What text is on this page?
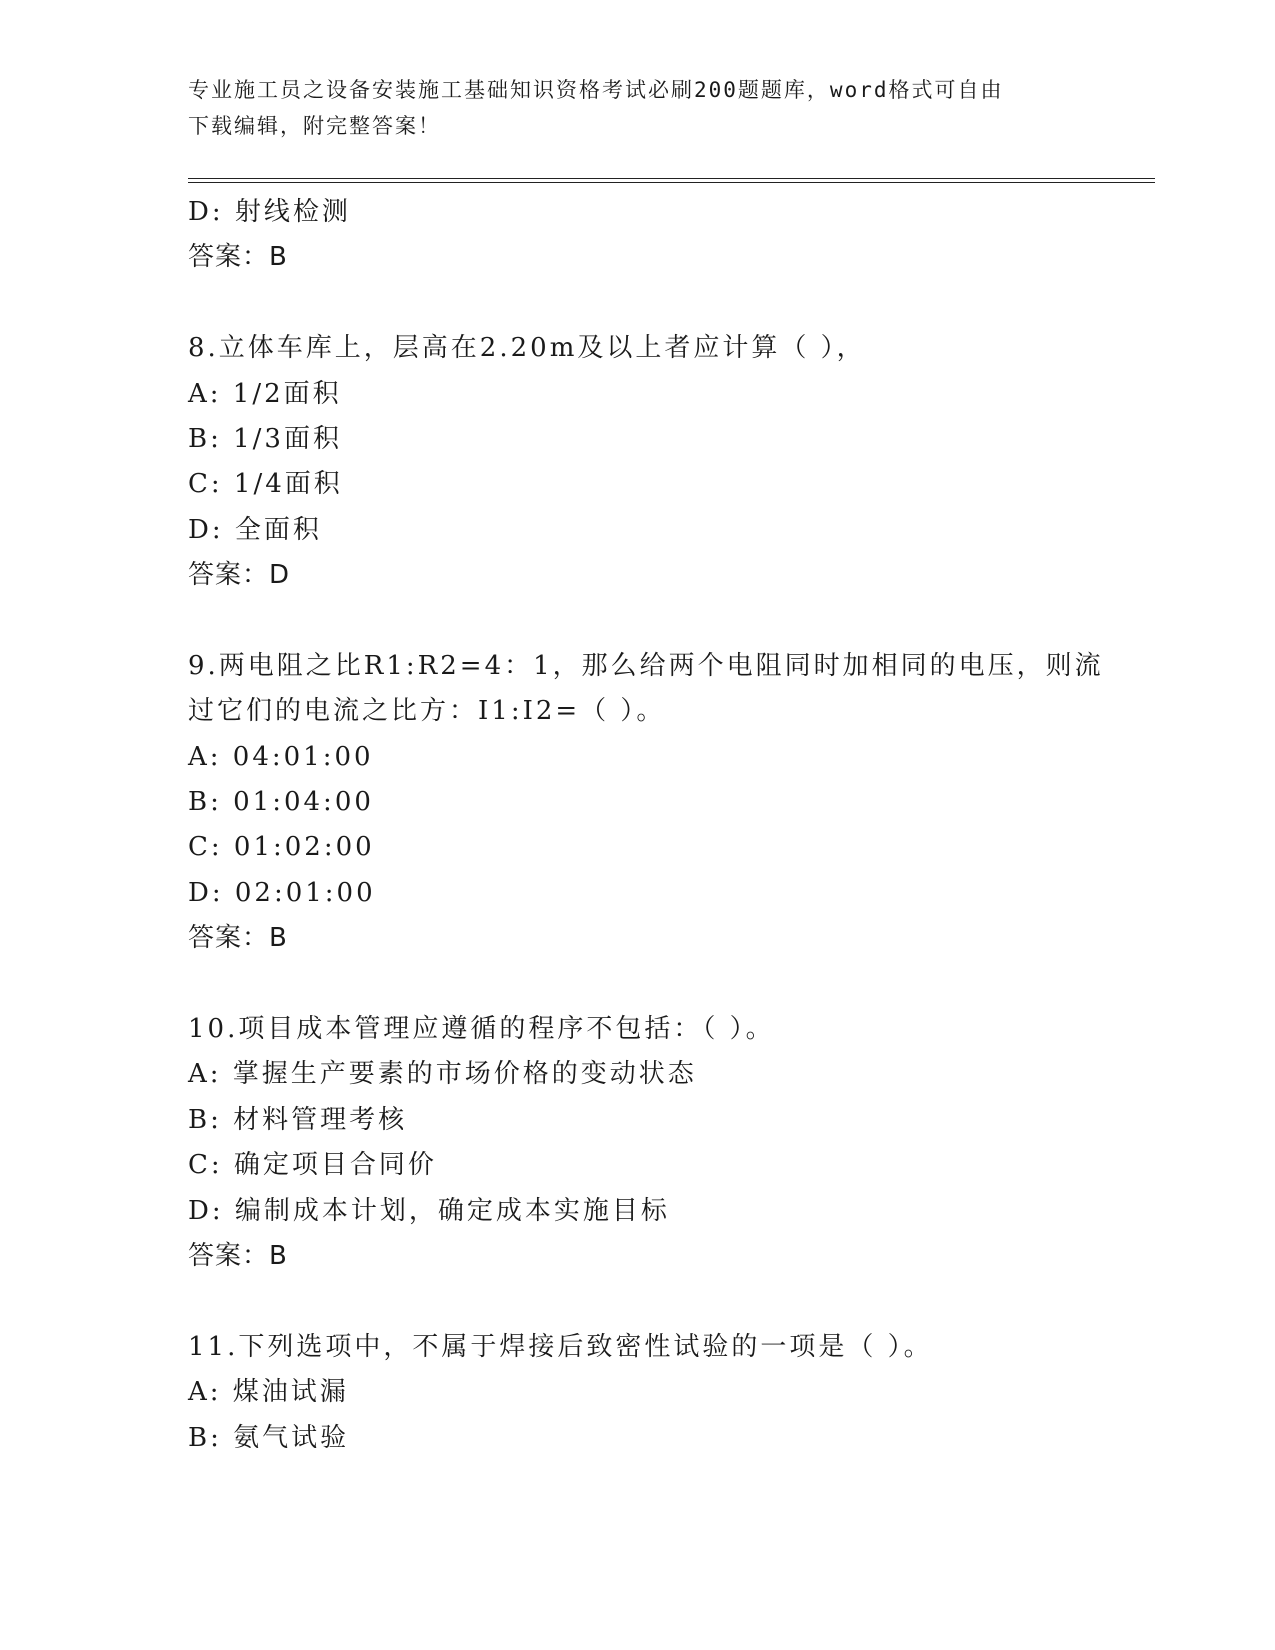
专业施工员之设备安装施工基础知识资格考试必刷200题题库，word格式可自由
下载编辑，附完整答案！
D: 射线检测
答案：B
8.立体车库上，层高在2.20m及以上者应计算（ ），
A: 1/2面积
B: 1/3面积
C: 1/4面积
D: 全面积
答案：D
9.两电阻之比R1:R2=4：1，那么给两个电阻同时加相同的电压，则流
过它们的电流之比方：I1:I2=（ ）。
A: 04:01:00
B: 01:04:00
C: 01:02:00
D: 02:01:00
答案：B
10.项目成本管理应遵循的程序不包括：（ ）。
A: 掌握生产要素的市场价格的变动状态
B: 材料管理考核
C: 确定项目合同价
D: 编制成本计划，确定成本实施目标
答案：B
11.下列选项中，不属于焊接后致密性试验的一项是（ ）。
A: 煤油试漏
B: 氨气试验
